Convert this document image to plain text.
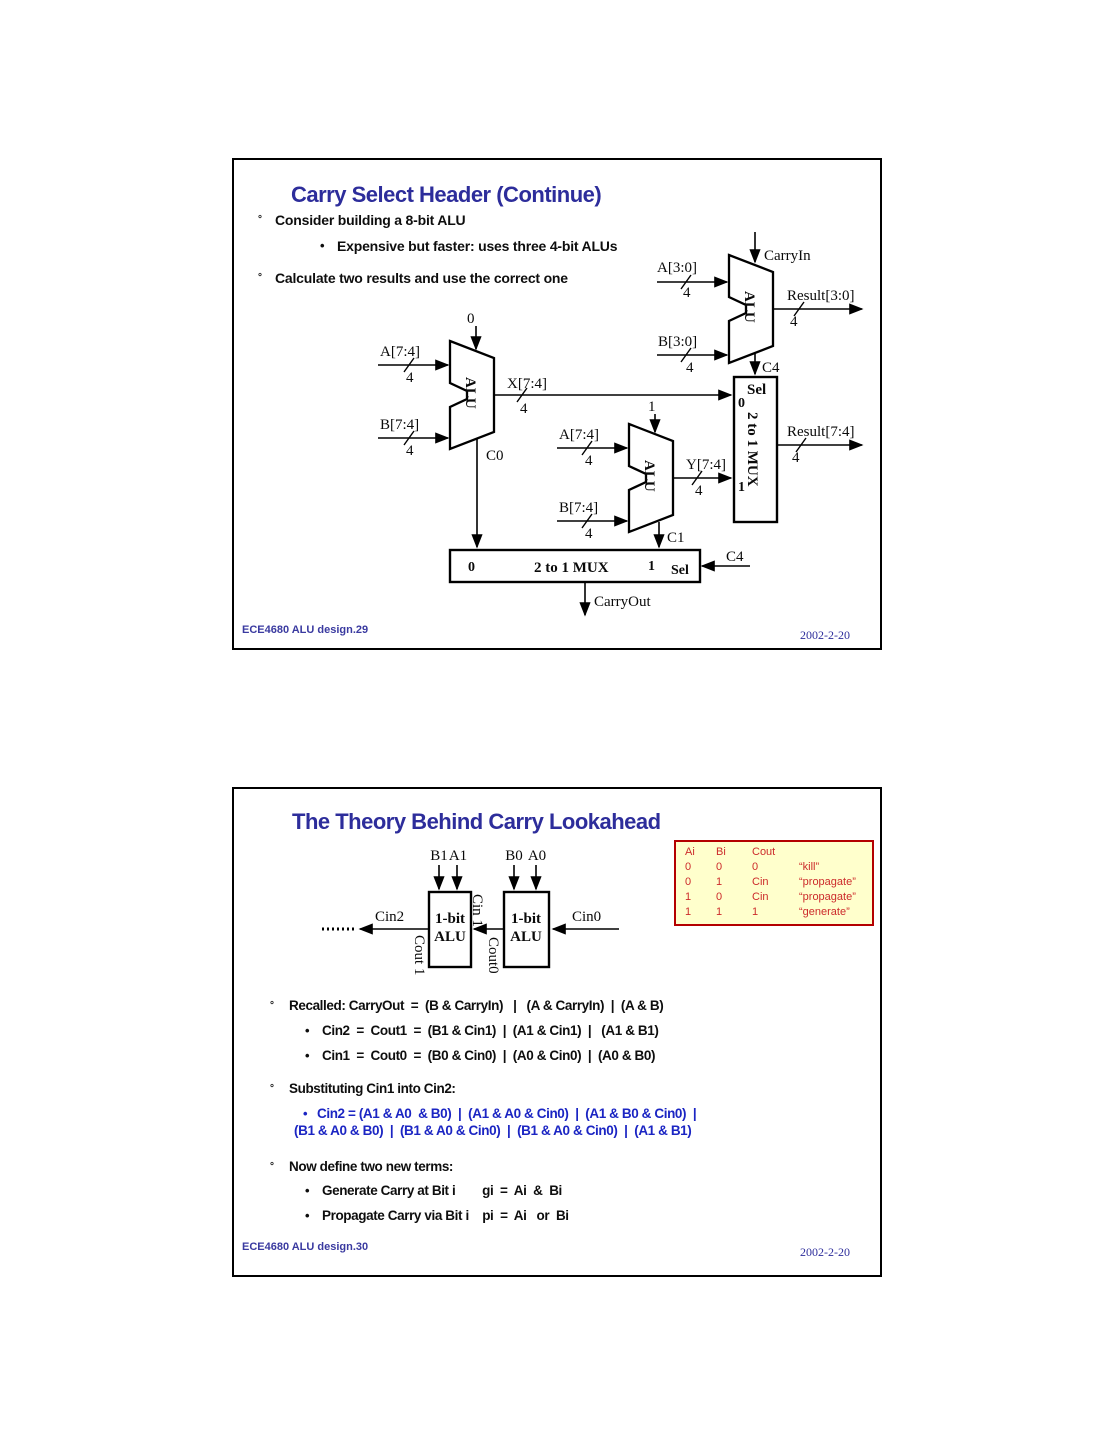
Carry Select Header (Continue)
° Consider building a 8-bit ALU
• Expensive but faster: uses three 4-bit ALUs
° Calculate two results and use the correct one
ALU
A[3:0]
4
CarryIn
B[3:0]
4
Result[3:0]
4
C4
ALU
0
A[7:4]
4
B[7:4]
4
X[7:4]
4
C0
ALU
1
A[7:4]
4
B[7:4]
4
Y[7:4]
4
C1
Sel
0
1
2 to 1 MUX Result[7:4]
4
0	2 to 1 MUX	1 Sel
C4
CarryOut
ECE4680 ALU design.29	2002-2-20
The Theory Behind Carry Lookahead
1-bit
ALU
1-bit
ALU
B1 A1	B0 A0
Cin2	Cin0
Cin 1
Cout 1	Cout0
Ai	Bi	Cout
0	0	0	“kill”
0	1	Cin	“propagate”
1	0	Cin	“propagate”
1	1	1	“generate”
° Recalled: CarryOut  =  (B & CarryIn)   |   (A & CarryIn)  |  (A & B)
• Cin2  =  Cout1  =  (B1 & Cin1)  |  (A1 & Cin1)  |   (A1 & B1)
• Cin1  =  Cout0  =  (B0 & Cin0)  |  (A0 & Cin0)  |  (A0 & B0)
° Substituting Cin1 into Cin2:
• Cin2 = (A1 & A0  & B0)  |  (A1 & A0 & Cin0)  |  (A1 & B0 & Cin0)  |
(B1 & A0 & B0)  |  (B1 & A0 & Cin0)  |  (B1 & A0 & Cin0)  |  (A1 & B1)
° Now define two new terms:
• Generate Carry at Bit i        gi  =  Ai  &  Bi
• Propagate Carry via Bit i    pi  =  Ai   or  Bi
ECE4680 ALU design.30	2002-2-20
